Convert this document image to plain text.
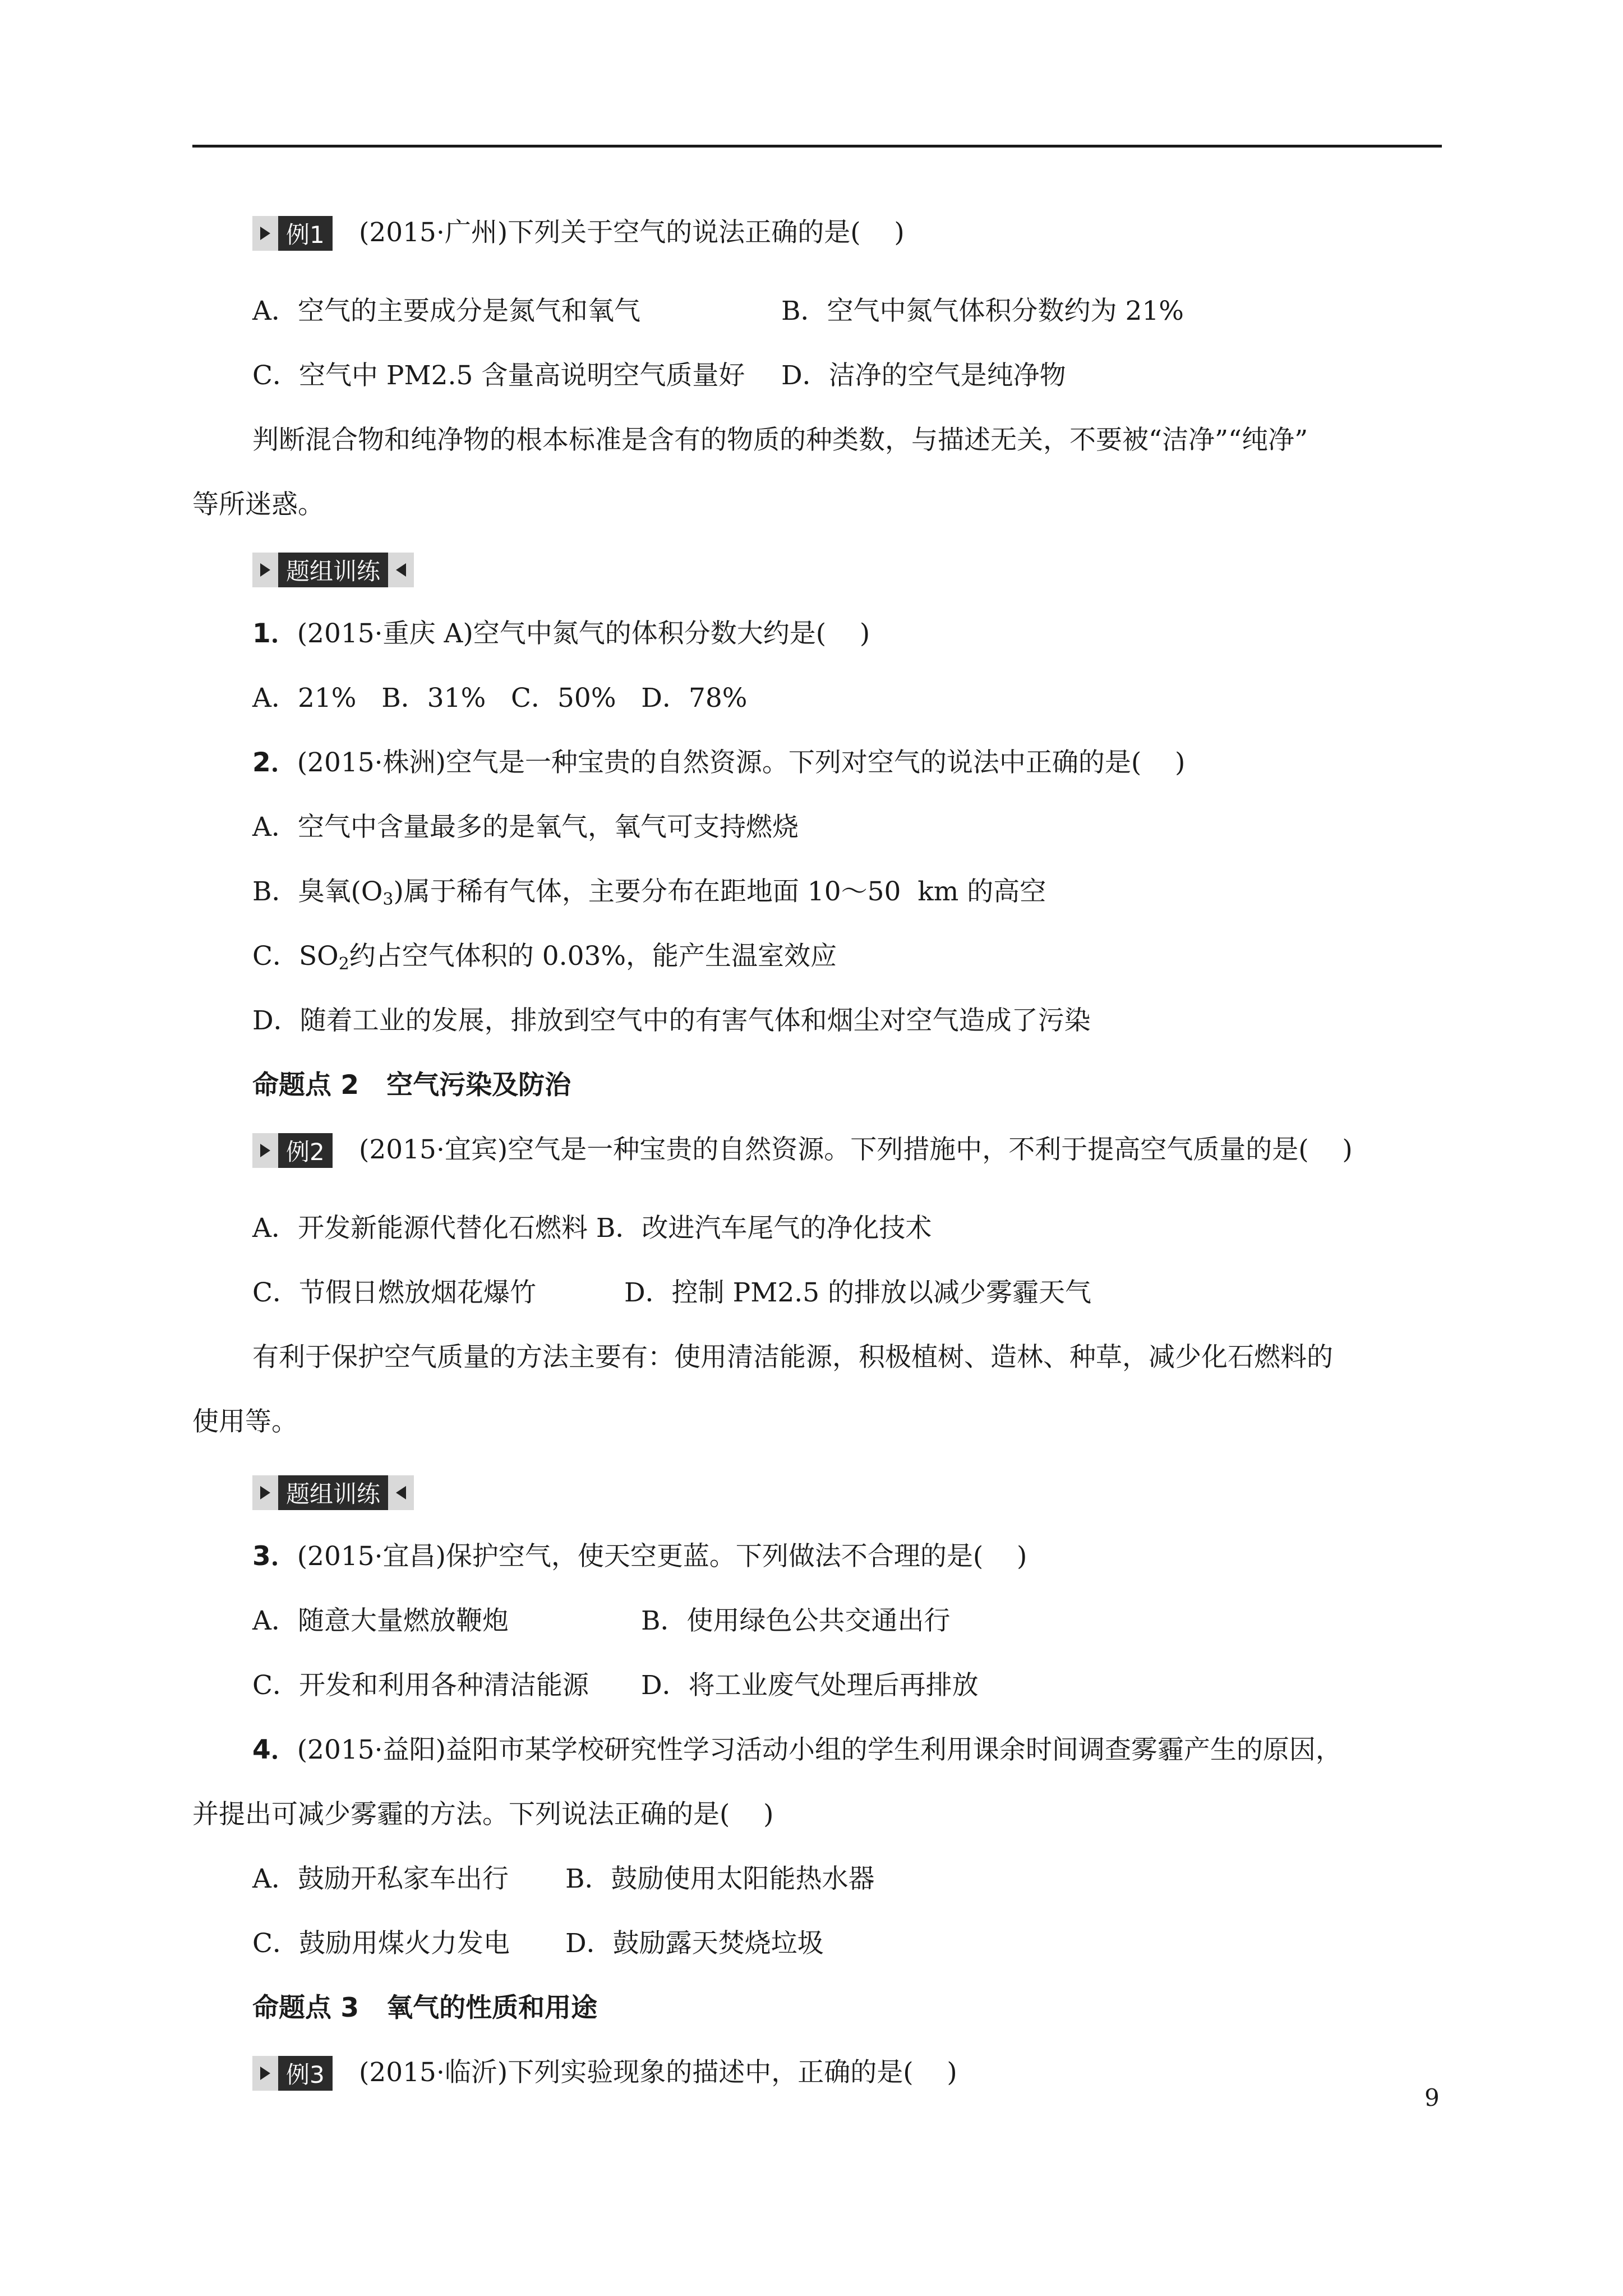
例1 (2015·广州)下列关于空气的说法正确的是(    )
A．空气的主要成分是氮气和氧气	B．空气中氮气体积分数约为 21%
C．空气中 PM2.5 含量高说明空气质量好 D．洁净的空气是纯净物
判断混合物和纯净物的根本标准是含有的物质的种类数，与描述无关，不要被“洁净”“纯净”
等所迷惑。
题组训练
1．(2015·重庆 A)空气中氮气的体积分数大约是(    )
A．21%   B．31%   C．50%   D．78%
2．(2015·株洲)空气是一种宝贵的自然资源。下列对空气的说法中正确的是(    )
A．空气中含量最多的是氧气，氧气可支持燃烧
B．臭氧$(O_3)$属于稀有气体，主要分布在距地面 10～50  km 的高空
C．$SO_2$约占空气体积的 0.03%，能产生温室效应
D．随着工业的发展，排放到空气中的有害气体和烟尘对空气造成了污染
命题点 2   空气污染及防治
例2 (2015·宜宾)空气是一种宝贵的自然资源。下列措施中，不利于提高空气质量的是(    )
A．开发新能源代替化石燃料 B．改进汽车尾气的净化技术
C．节假日燃放烟花爆竹	D．控制 PM2.5 的排放以减少雾霾天气
有利于保护空气质量的方法主要有：使用清洁能源，积极植树、造林、种草，减少化石燃料的
使用等。
题组训练
3．(2015·宜昌)保护空气，使天空更蓝。下列做法不合理的是(    )
A．随意大量燃放鞭炮	B．使用绿色公共交通出行
C．开发和利用各种清洁能源 D．将工业废气处理后再排放
4．(2015·益阳)益阳市某学校研究性学习活动小组的学生利用课余时间调查雾霾产生的原因，
并提出可减少雾霾的方法。下列说法正确的是(    )
A．鼓励开私家车出行 B．鼓励使用太阳能热水器
C．鼓励用煤火力发电 D．鼓励露天焚烧垃圾
命题点 3   氧气的性质和用途
例3 (2015·临沂)下列实验现象的描述中，正确的是(    )
9
